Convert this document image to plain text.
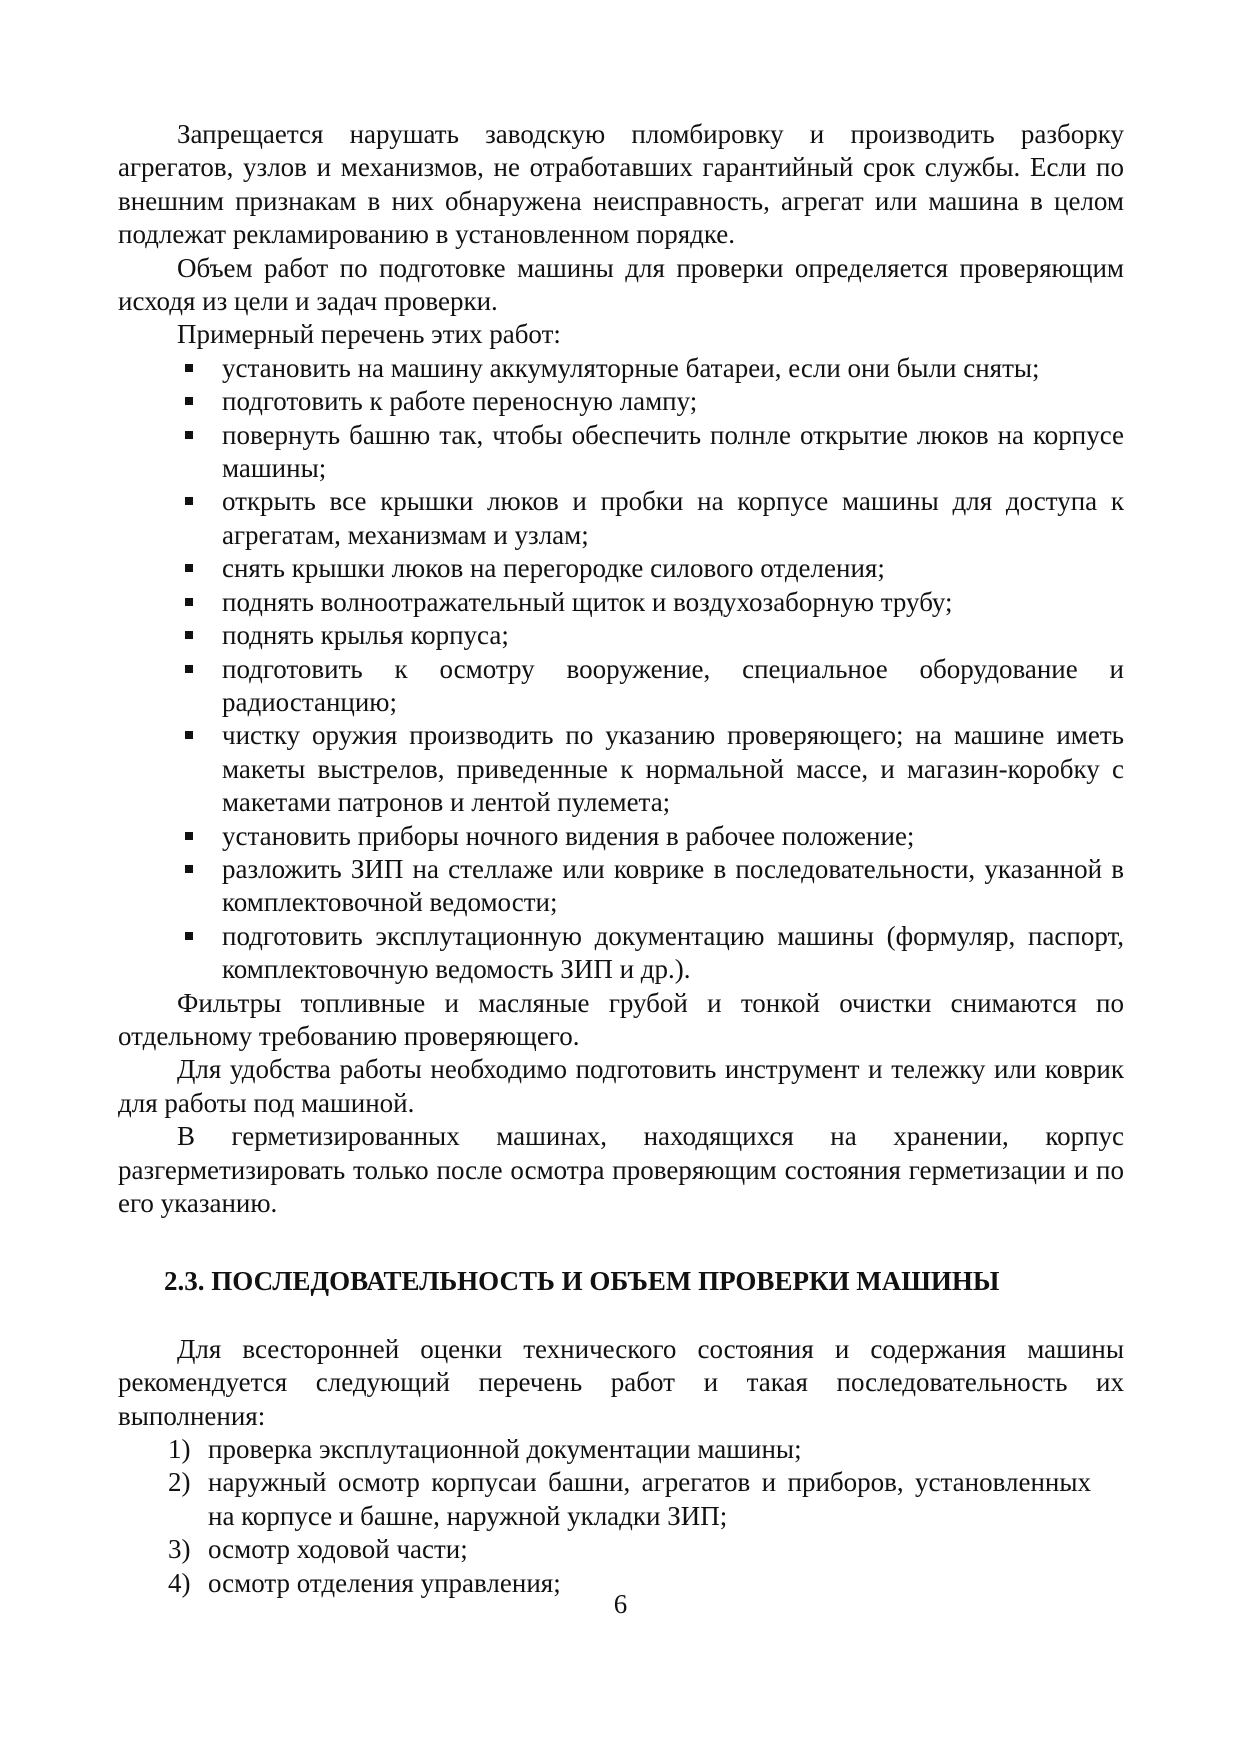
Запрещается нарушать заводскую пломбировку и производить разборку агрегатов, узлов и механизмов, не отработавших гарантийный срок службы. Если по внешним признакам в них обнаружена неисправность, агрегат или машина в целом подлежат рекламированию в установленном порядке.

Объем работ по подготовке машины для проверки определяется проверяющим исходя из цели и задач проверки.

Примерный перечень этих работ:

установить на машину аккумуляторные батареи, если они были сняты;
подготовить к работе переносную лампу;
повернуть башню так, чтобы обеспечить полнле открытие люков на корпусе машины;
открыть все крышки люков и пробки на корпусе машины для доступа к агрегатам, механизмам и узлам;
снять крышки люков на перегородке силового отделения;
поднять волноотражательный щиток и воздухозаборную трубу;
поднять крылья корпуса;
подготовить к осмотру вооружение, специальное оборудование и радиостанцию;
чистку оружия производить по указанию проверяющего; на машине иметь макеты выстрелов, приведенные к нормальной массе, и магазин-коробку с макетами патронов и лентой пулемета;
установить приборы ночного видения в рабочее положение;
разложить ЗИП на стеллаже или коврике в последовательности, указанной в комплектовочной ведомости;
подготовить эксплутационную документацию машины (формуляр, паспорт, комплектовочную ведомость ЗИП и др.).

Фильтры топливные и масляные грубой и тонкой очистки снимаются по отдельному требованию проверяющего.

Для удобства работы необходимо подготовить инструмент и тележку или коврик для работы под машиной.

В герметизированных машинах, находящихся на хранении, корпус разгерметизировать только после осмотра проверяющим состояния герметизации и по его указанию.

2.3. ПОСЛЕДОВАТЕЛЬНОСТЬ И ОБЪЕМ ПРОВЕРКИ МАШИНЫ

Для всесторонней оценки технического состояния и содержания машины рекомендуется следующий перечень работ и такая последовательность их выполнения:

1) проверка эксплутационной документации машины;
2) наружный осмотр корпусаи башни, агрегатов и приборов, установленных на корпусе и башне, наружной укладки ЗИП;
3) осмотр ходовой части;
4) осмотр отделения управления;
6
